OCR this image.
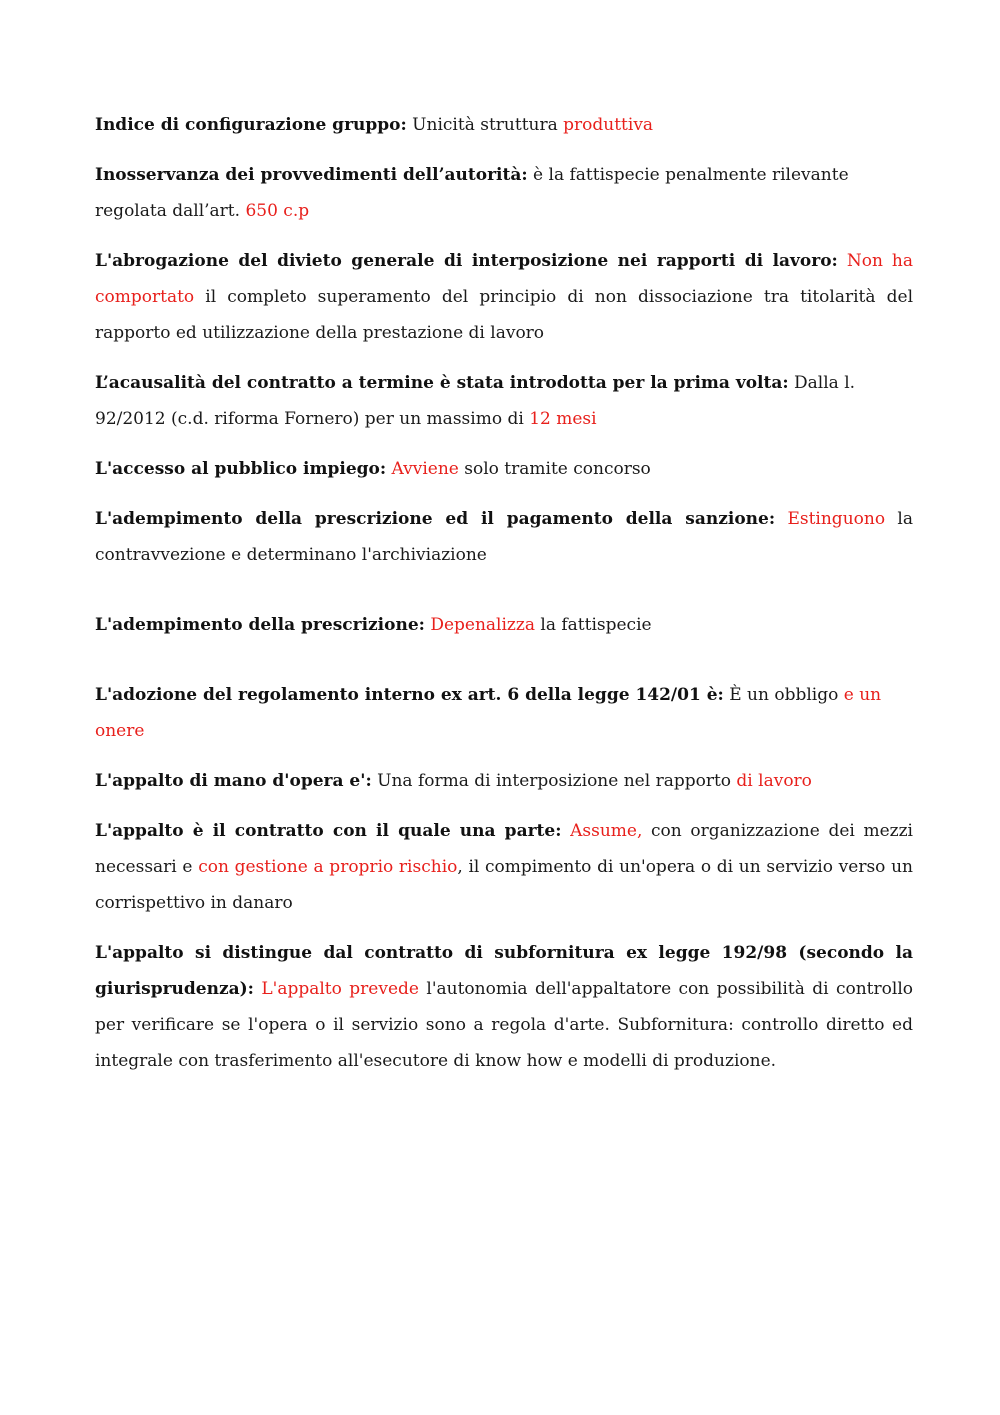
Indice di configurazione gruppo: Unicità struttura produttiva

Inosservanza dei provvedimenti dell’autorità: è la fattispecie penalmente rilevante regolata dall’art. 650 c.p

L'abrogazione del divieto generale di interposizione nei rapporti di lavoro: Non ha comportato il completo superamento del principio di non dissociazione tra titolarità del rapporto ed utilizzazione della prestazione di lavoro

L’acausalità del contratto a termine è stata introdotta per la prima volta: Dalla l. 92/2012 (c.d. riforma Fornero) per un massimo di 12 mesi

L'accesso al pubblico impiego: Avviene solo tramite concorso

L'adempimento della prescrizione ed il pagamento della sanzione: Estinguono la contravvezione e determinano l'archiviazione

L'adempimento della prescrizione: Depenalizza la fattispecie

L'adozione del regolamento interno ex art. 6 della legge 142/01 è: È un obbligo e un onere

L'appalto di mano d'opera e': Una forma di interposizione nel rapporto di lavoro

L'appalto è il contratto con il quale una parte: Assume, con organizzazione dei mezzi necessari e con gestione a proprio rischio, il compimento di un'opera o di un servizio verso un corrispettivo in danaro

L'appalto si distingue dal contratto di subfornitura ex legge 192/98 (secondo la giurisprudenza): L'appalto prevede l'autonomia dell'appaltatore con possibilità di controllo per verificare se l'opera o il servizio sono a regola d'arte. Subfornitura: controllo diretto ed integrale con trasferimento all'esecutore di know how e modelli di produzione.
